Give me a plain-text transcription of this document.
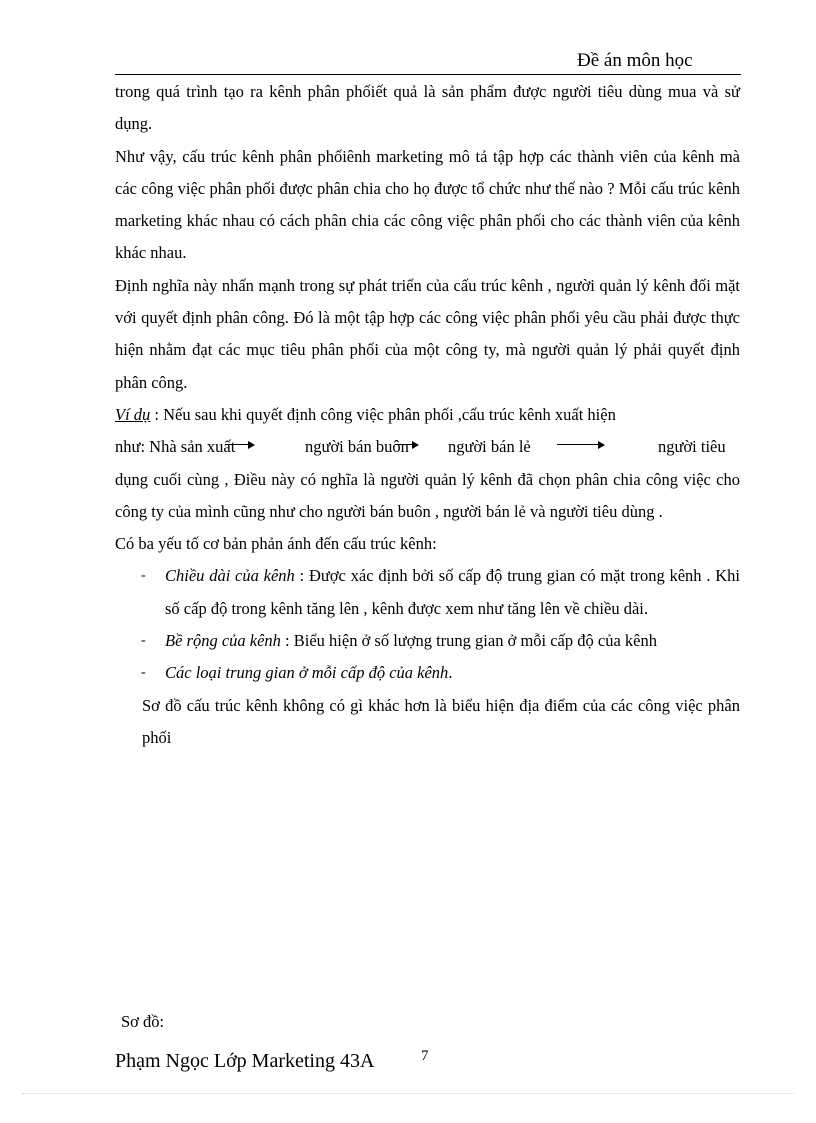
Đề án môn học

trong quá trình tạo ra kênh phân phốiết quả là sản phẩm được người tiêu dùng mua và sử dụng.

Như vậy, cấu trúc kênh phân phốiênh marketing mô tả tập hợp các thành viên của kênh mà các công việc phân phối được phân chia cho họ được tổ chức như thế nào ? Mỗi cấu trúc kênh marketing khác nhau có cách phân chia các công việc phân phối cho các thành viên của kênh khác nhau.

Định nghĩa này nhấn mạnh trong sự phát triển của cấu trúc kênh , người quản lý kênh đối mặt với quyết định phân công. Đó là một tập hợp các công việc phân phối yêu cầu phải được thực hiện nhằm đạt các mục tiêu phân phối của một công ty, mà người quản lý phải quyết định phân công.

Ví dụ : Nếu sau khi quyết định công việc phân phối ,cấu trúc kênh xuất hiện

như: Nhà sản xuất	người bán buôn người bán lẻ	người tiêu

dụng cuối cùng , Điều này có nghĩa là người quản lý kênh đã chọn phân chia công việc cho công ty của mình cũng như cho người bán buôn , người bán lẻ và người tiêu dùng .

Có ba yếu tố cơ bản phản ánh đến cấu trúc kênh:

- Chiều dài của kênh : Được xác định bởi số cấp độ trung gian có mặt trong kênh . Khi số cấp độ trong kênh tăng lên , kênh được xem như tăng lên về chiều dài.
- Bề rộng của kênh : Biểu hiện ở số lượng trung gian ở mỗi cấp độ của kênh
- Các loại trung gian ở mỗi cấp độ của kênh.

Sơ đồ cấu trúc kênh không có gì khác hơn là biểu hiện địa điểm của các công việc phân phối

Sơ đồ:
Phạm Ngọc Lớp Marketing 43A	7
